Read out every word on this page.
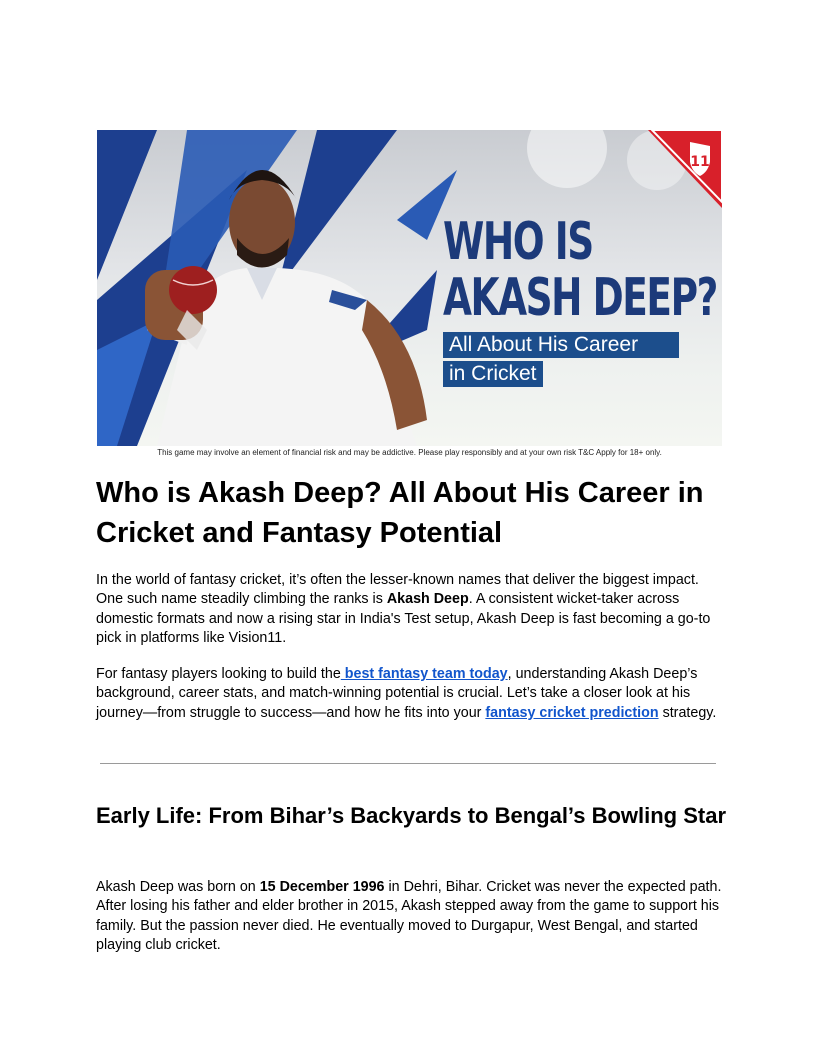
WHO IS
AKASH DEEP?
All About His Career
in Cricket
11
This game may involve an element of financial risk and may be addictive. Please play responsibly and at your own risk T&C Apply for 18+ only.
Who is Akash Deep? All About His Career in Cricket and Fantasy Potential

In the world of fantasy cricket, it’s often the lesser-known names that deliver the biggest impact. One such name steadily climbing the ranks is Akash Deep. A consistent wicket-taker across domestic formats and now a rising star in India's Test setup, Akash Deep is fast becoming a go-to pick in platforms like Vision11.

For fantasy players looking to build the best fantasy team today, understanding Akash Deep’s background, career stats, and match-winning potential is crucial. Let’s take a closer look at his journey—from struggle to success—and how he fits into your fantasy cricket prediction strategy.

Early Life: From Bihar’s Backyards to Bengal’s Bowling Star

Akash Deep was born on 15 December 1996 in Dehri, Bihar. Cricket was never the expected path. After losing his father and elder brother in 2015, Akash stepped away from the game to support his family. But the passion never died. He eventually moved to Durgapur, West Bengal, and started playing club cricket.
